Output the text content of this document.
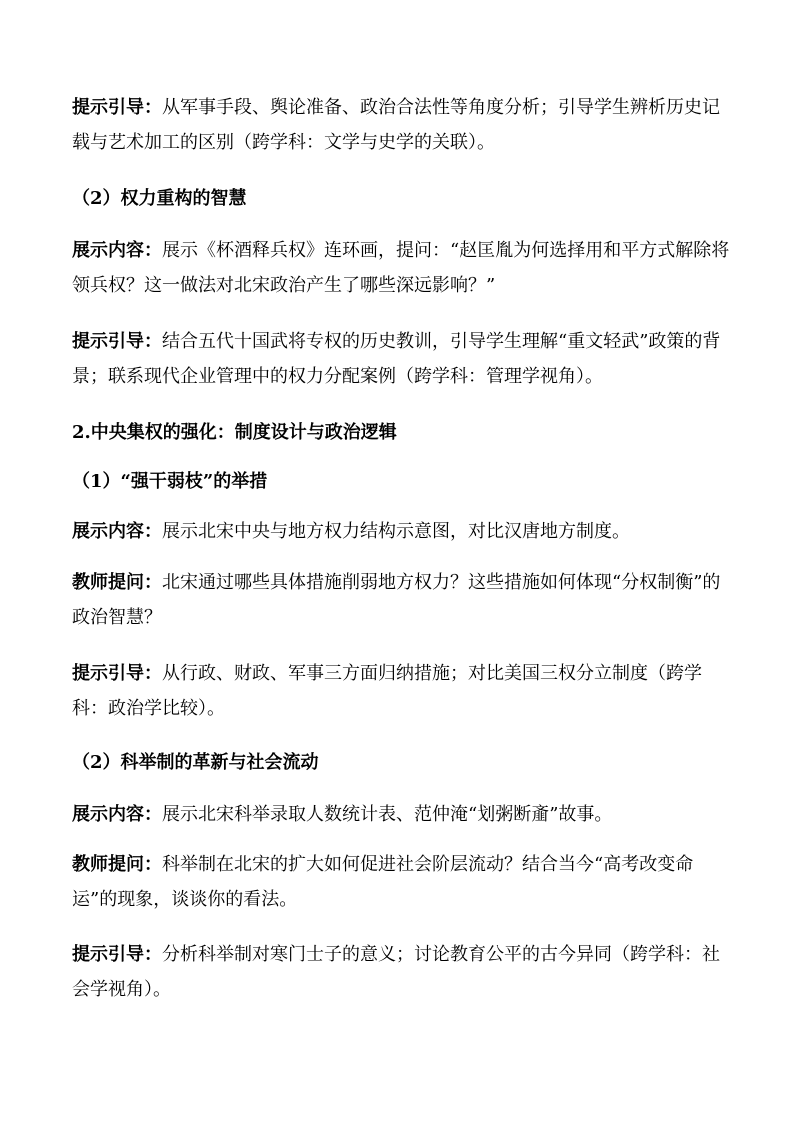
提示引导：从军事手段、舆论准备、政治合法性等角度分析；引导学生辨析历史记载与艺术加工的区别（跨学科：文学与史学的关联）。

（2）权力重构的智慧

展示内容：展示《杯酒释兵权》连环画，提问：“赵匡胤为何选择用和平方式解除将领兵权？这一做法对北宋政治产生了哪些深远影响？”

提示引导：结合五代十国武将专权的历史教训，引导学生理解“重文轻武”政策的背景；联系现代企业管理中的权力分配案例（跨学科：管理学视角）。

2.中央集权的强化：制度设计与政治逻辑

（1）“强干弱枝”的举措

展示内容：展示北宋中央与地方权力结构示意图，对比汉唐地方制度。

教师提问：北宋通过哪些具体措施削弱地方权力？这些措施如何体现“分权制衡”的政治智慧？

提示引导：从行政、财政、军事三方面归纳措施；对比美国三权分立制度（跨学科：政治学比较）。

（2）科举制的革新与社会流动

展示内容：展示北宋科举录取人数统计表、范仲淹“划粥断齑”故事。

教师提问：科举制在北宋的扩大如何促进社会阶层流动？结合当今“高考改变命运”的现象，谈谈你的看法。

提示引导：分析科举制对寒门士子的意义；讨论教育公平的古今异同（跨学科：社会学视角）。
